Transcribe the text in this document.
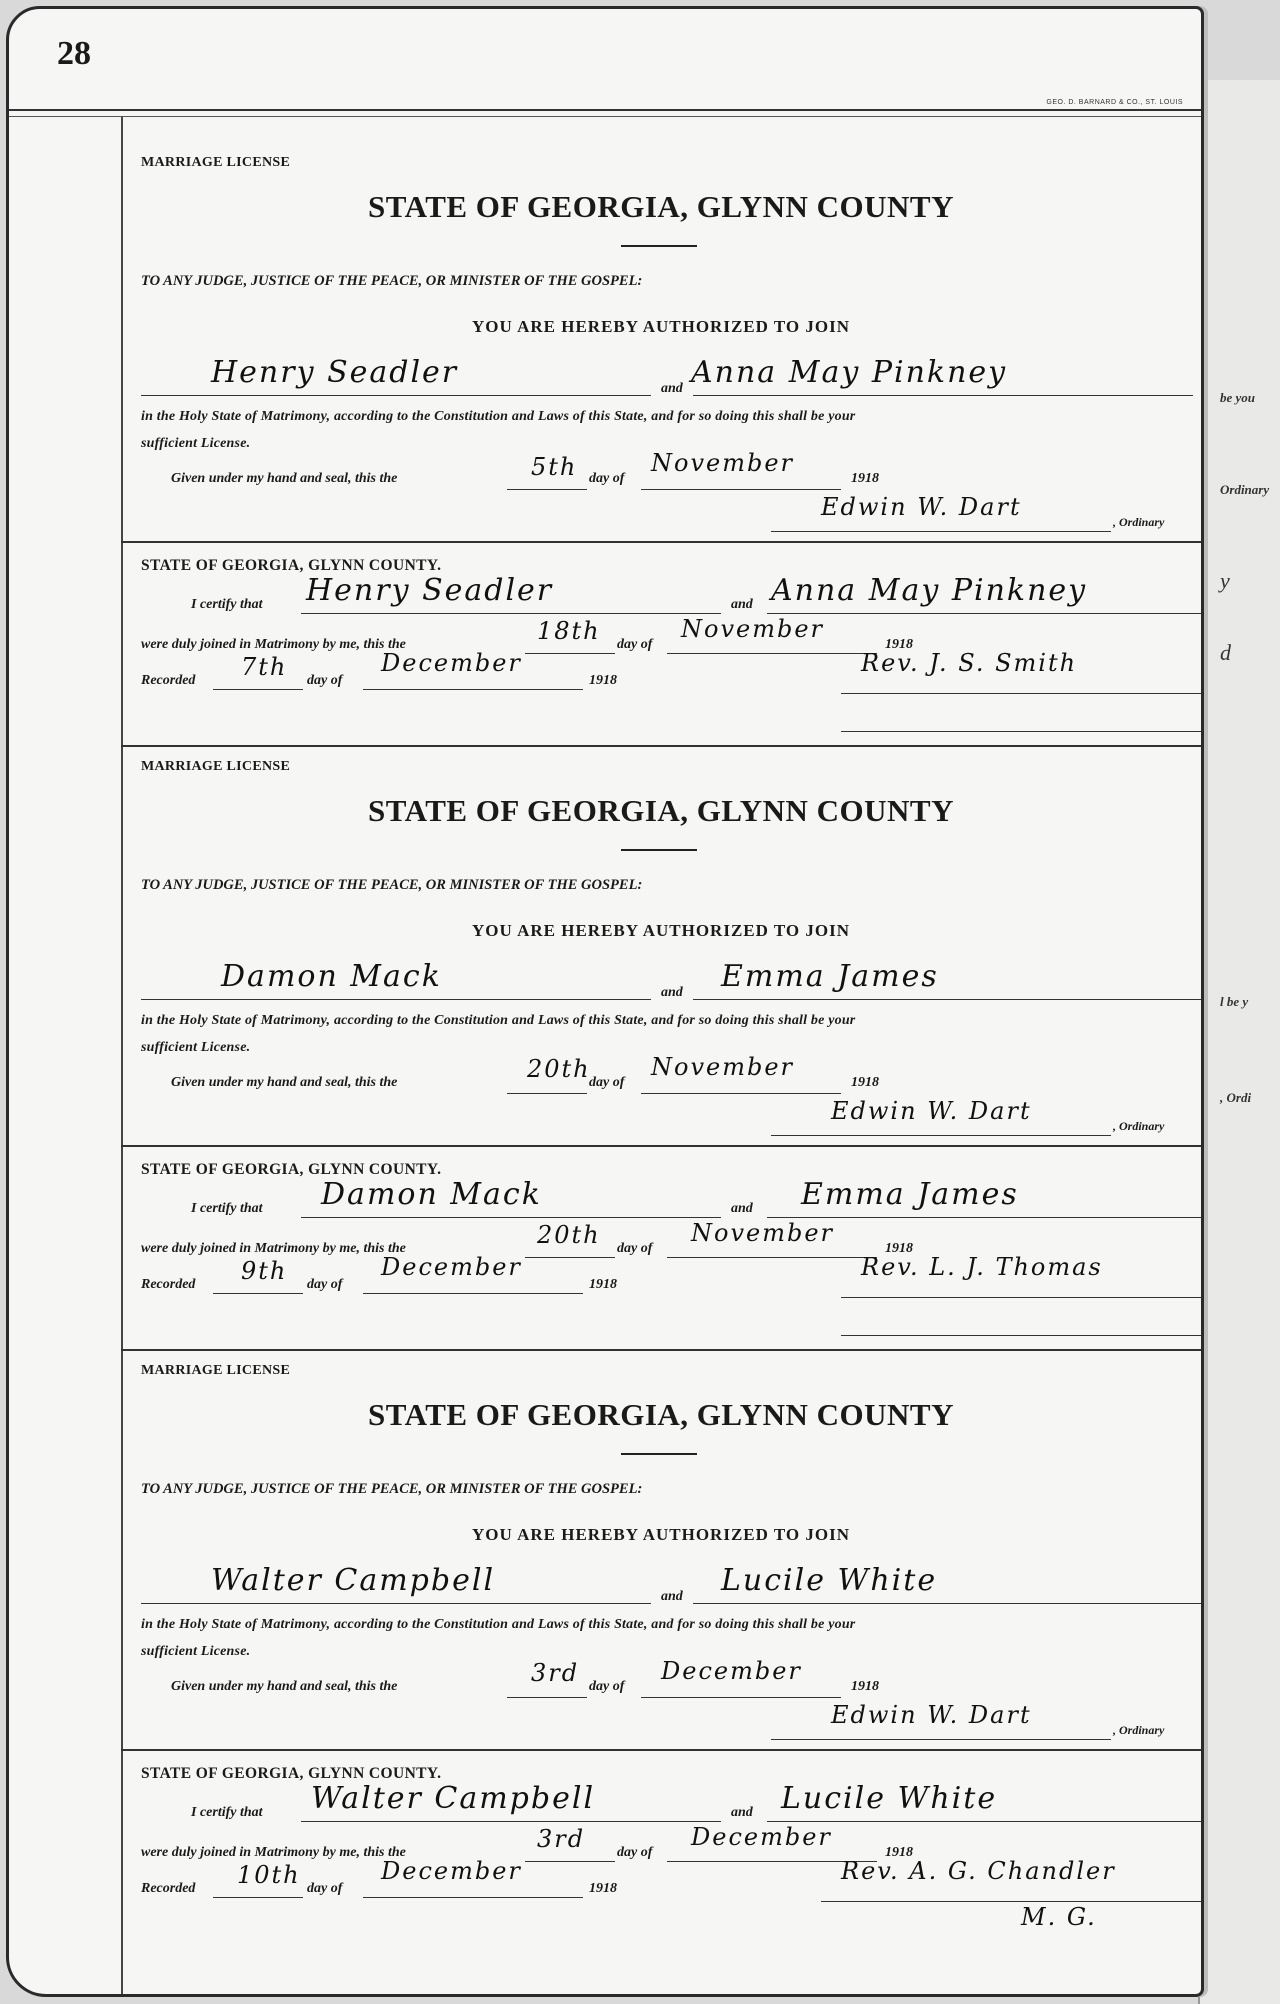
be you
Ordinary
y
d
l be y
, Ordi
28
GEO. D. BARNARD & CO., ST. LOUIS
MARRIAGE LICENSE
STATE OF GEORGIA, GLYNN COUNTY
TO ANY JUDGE, JUSTICE OF THE PEACE, OR MINISTER OF THE GOSPEL:
YOU ARE HEREBY AUTHORIZED TO JOIN
Henry Seadler	and Anna May Pinkney
in the Holy State of Matrimony, according to the Constitution and Laws of this State, and for so doing this shall be your
sufficient License.
Given under my hand and seal, this the	5th day of
November
1918
Edwin W. Dart
, Ordinary
STATE OF GEORGIA, GLYNN COUNTY.
I certify that Henry Seadler	and Anna May Pinkney
were duly joined in Matrimony by me, this the	18th day of
November
1918
Recorded 7th day of
December
1918
Rev. J. S. Smith
MARRIAGE LICENSE
STATE OF GEORGIA, GLYNN COUNTY
TO ANY JUDGE, JUSTICE OF THE PEACE, OR MINISTER OF THE GOSPEL:
YOU ARE HEREBY AUTHORIZED TO JOIN
Damon Mack	and Emma James
in the Holy State of Matrimony, according to the Constitution and Laws of this State, and for so doing this shall be your
sufficient License.
Given under my hand and seal, this the	20th
day of
November
1918
Edwin W. Dart
, Ordinary
STATE OF GEORGIA, GLYNN COUNTY.
I certify that Damon Mack	and Emma James
were duly joined in Matrimony by me, this the	20th day of
November
1918
Recorded 9th day of
December
1918
Rev. L. J. Thomas
MARRIAGE LICENSE
STATE OF GEORGIA, GLYNN COUNTY
TO ANY JUDGE, JUSTICE OF THE PEACE, OR MINISTER OF THE GOSPEL:
YOU ARE HEREBY AUTHORIZED TO JOIN
Walter Campbell	and Lucile White
in the Holy State of Matrimony, according to the Constitution and Laws of this State, and for so doing this shall be your
sufficient License.
Given under my hand and seal, this the	3rd day of
December
1918
Edwin W. Dart
, Ordinary
STATE OF GEORGIA, GLYNN COUNTY.
I certify that Walter Campbell	and Lucile White
were duly joined in Matrimony by me, this the	3rd day of
December
1918
Recorded 10th day of
December
1918
Rev. A. G. Chandler
M. G.
